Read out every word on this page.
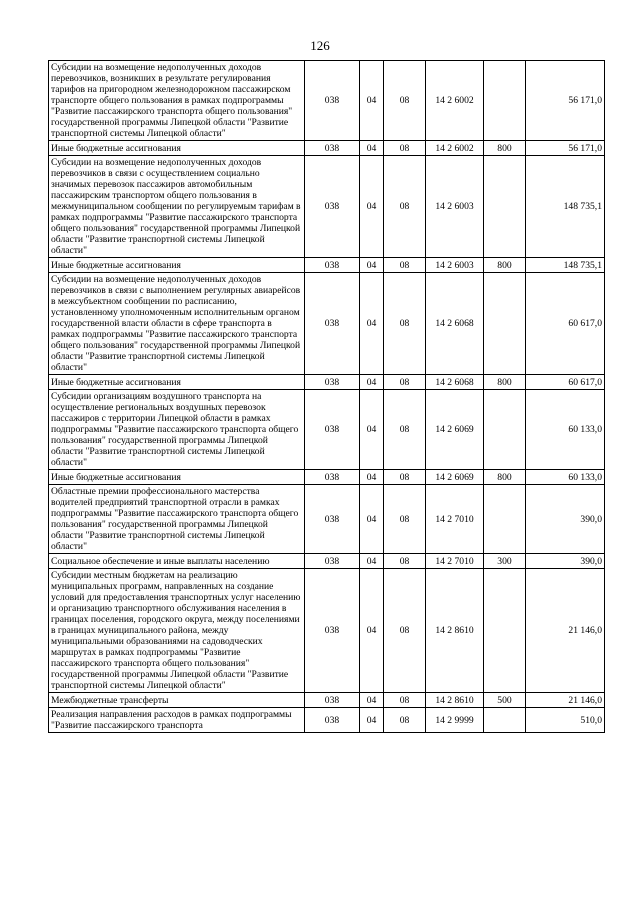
126
Субсидии на возмещение недополученных доходов перевозчиков, возникших в результате регулирования тарифов на пригородном железнодорожном пассажирском транспорте общего пользования в рамках подпрограммы "Развитие пассажирского транспорта общего пользования" государственной программы Липецкой области "Развитие транспортной системы Липецкой области"	038	04	08	14 2 6002		56 171,0
Иные бюджетные ассигнования	038	04	08	14 2 6002	800	56 171,0
Субсидии на возмещение недополученных доходов перевозчиков в связи с осуществлением социально значимых перевозок пассажиров автомобильным пассажирским транспортом общего пользования в межмуниципальном сообщении по регулируемым тарифам в рамках подпрограммы "Развитие пассажирского транспорта общего пользования" государственной программы Липецкой области "Развитие транспортной системы Липецкой области"	038	04	08	14 2 6003		148 735,1
Иные бюджетные ассигнования	038	04	08	14 2 6003	800	148 735,1
Субсидии на возмещение недополученных доходов перевозчиков в связи с выполнением регулярных авиарейсов в межсубъектном сообщении по расписанию, установленному уполномоченным исполнительным органом государственной власти области в сфере транспорта в рамках подпрограммы "Развитие пассажирского транспорта общего пользования" государственной программы Липецкой области "Развитие транспортной системы Липецкой области"	038	04	08	14 2 6068		60 617,0
Иные бюджетные ассигнования	038	04	08	14 2 6068	800	60 617,0
Субсидии организациям воздушного транспорта на осуществление региональных воздушных перевозок пассажиров с территории Липецкой области в рамках подпрограммы "Развитие пассажирского транспорта общего пользования" государственной программы Липецкой области "Развитие транспортной системы Липецкой области"	038	04	08	14 2 6069		60 133,0
Иные бюджетные ассигнования	038	04	08	14 2 6069	800	60 133,0
Областные премии профессионального мастерства водителей предприятий транспортной отрасли в рамках подпрограммы "Развитие пассажирского транспорта общего пользования" государственной программы Липецкой области "Развитие транспортной системы Липецкой области"	038	04	08	14 2 7010		390,0
Социальное обеспечение и иные выплаты населению	038	04	08	14 2 7010	300	390,0
Субсидии местным бюджетам на реализацию муниципальных программ, направленных на создание условий для предоставления транспортных услуг населению и организацию транспортного обслуживания населения в границах поселения, городского округа, между поселениями в границах муниципального района, между муниципальными образованиями на садоводческих маршрутах в рамках подпрограммы "Развитие пассажирского транспорта общего пользования" государственной программы Липецкой области "Развитие транспортной системы Липецкой области"	038	04	08	14 2 8610		21 146,0
Межбюджетные трансферты	038	04	08	14 2 8610	500	21 146,0
Реализация направления расходов в рамках подпрограммы "Развитие пассажирского транспорта	038	04	08	14 2 9999		510,0
